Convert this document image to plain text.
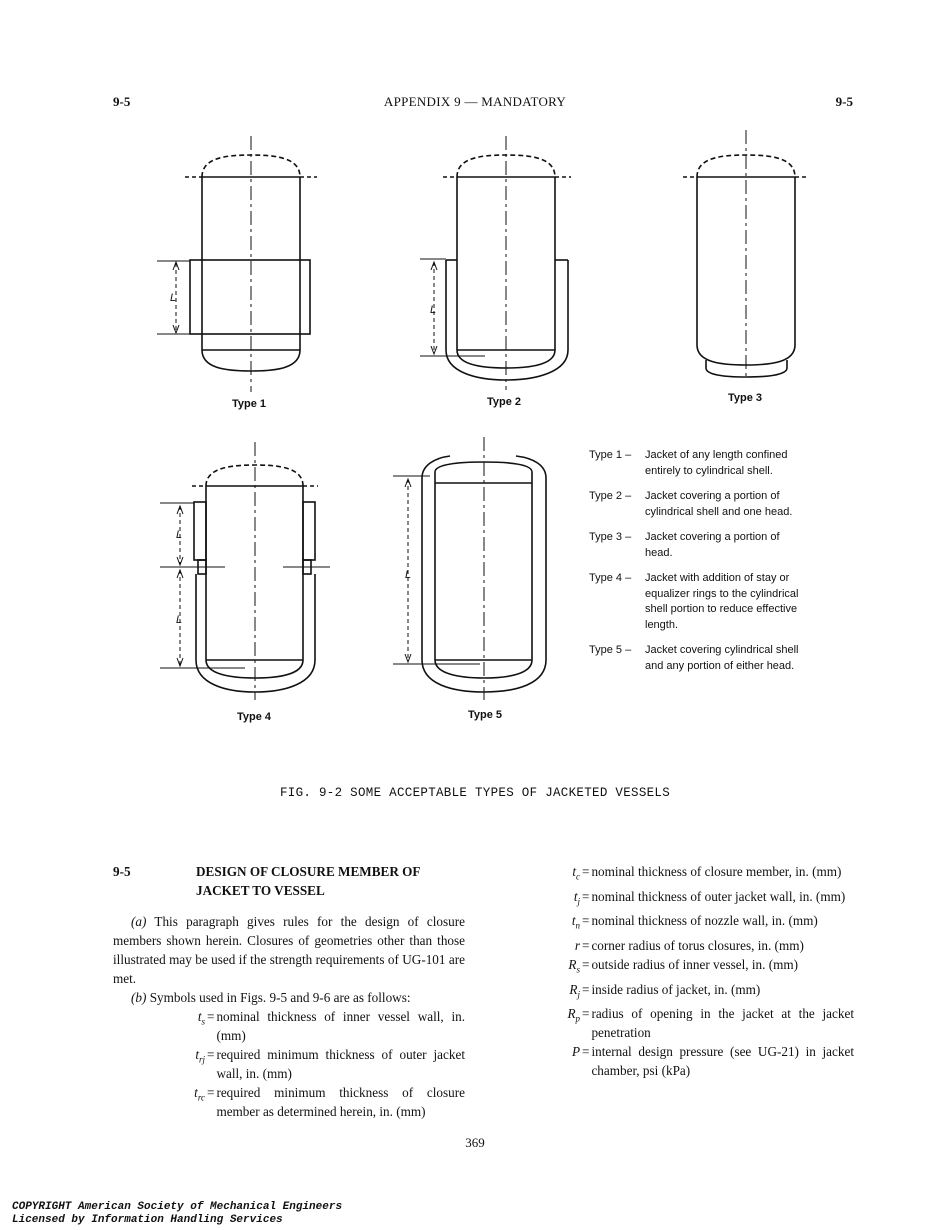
9-5	APPENDIX 9 — MANDATORY	9-5
Type 1	Type 2	Type 3
Type 4	Type 5
L
L
L
L
L
Type 1 –	Jacket of any length confined entirely to cylindrical shell.
Type 2 –	Jacket covering a portion of cylindrical shell and one head.
Type 3 –	Jacket covering a portion of head.
Type 4 –	Jacket with addition of stay or equalizer rings to the cylindrical shell portion to reduce effective length.
Type 5 –	Jacket covering cylindrical shell and any portion of either head.
FIG. 9-2 SOME ACCEPTABLE TYPES OF JACKETED VESSELS
9-5	DESIGN OF CLOSURE MEMBER OF JACKET TO VESSEL

(a) This paragraph gives rules for the design of closure members shown herein. Closures of geometries other than those illustrated may be used if the strength requirements of UG-101 are met.

(b) Symbols used in Figs. 9-5 and 9-6 are as follows:

$t_s$ = nominal thickness of inner vessel wall, in. (mm)
$t_{rj}$ = required minimum thickness of outer jacket wall, in. (mm)
$t_{rc}$ = required minimum thickness of closure member as determined herein, in. (mm)
$t_c$ = nominal thickness of closure member, in. (mm)
$t_j$ = nominal thickness of outer jacket wall, in. (mm)
$t_n$ = nominal thickness of nozzle wall, in. (mm)
r = corner radius of torus closures, in. (mm)
$R_s$ = outside radius of inner vessel, in. (mm)
$R_j$ = inside radius of jacket, in. (mm)
$R_p$ = radius of opening in the jacket at the jacket penetration
P = internal design pressure (see UG-21) in jacket chamber, psi (kPa)
369
COPYRIGHT American Society of Mechanical Engineers
Licensed by Information Handling Services
